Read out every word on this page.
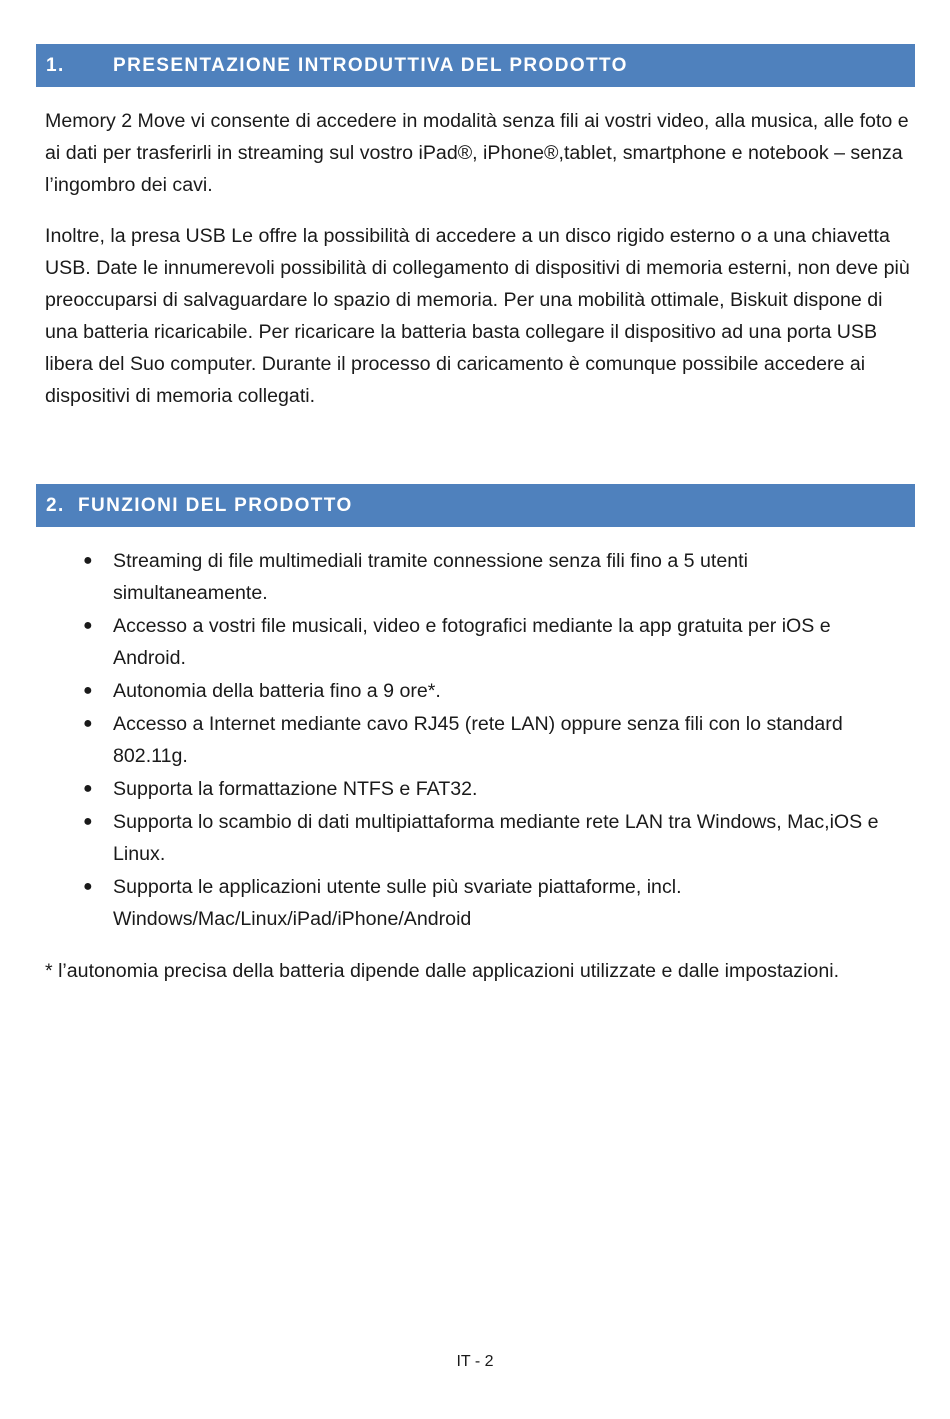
1.	PRESENTAZIONE INTRODUTTIVA DEL PRODOTTO

Memory 2 Move vi consente di accedere in modalità senza fili ai vostri video, alla musica, alle foto e ai dati per trasferirli in streaming sul vostro iPad®, iPhone®,tablet, smartphone e notebook – senza l’ingombro dei cavi.

Inoltre, la presa USB Le offre la possibilità di accedere a un disco rigido esterno o a una chiavetta USB. Date le innumerevoli possibilità di collegamento di dispositivi di memoria esterni, non deve più preoccuparsi di salvaguardare lo spazio di memoria. Per una mobilità ottimale, Biskuit dispone di una batteria ricaricabile. Per ricaricare la batteria basta collegare il dispositivo ad una porta USB libera del Suo computer. Durante il processo di caricamento è comunque possibile accedere ai dispositivi di memoria collegati.

2. FUNZIONI DEL PRODOTTO
● Streaming di file multimediali tramite connessione senza fili fino a 5 utenti simultaneamente.
● Accesso a vostri file musicali, video e fotografici mediante la app gratuita per iOS e Android.
● Autonomia della batteria fino a 9 ore*.
● Accesso a Internet mediante cavo RJ45 (rete LAN) oppure senza fili con lo standard 802.11g.
● Supporta la formattazione NTFS e FAT32.
● Supporta lo scambio di dati multipiattaforma mediante rete LAN tra Windows, Mac,iOS e Linux.
● Supporta le applicazioni utente sulle più svariate piattaforme, incl. Windows/Mac/Linux/iPad/iPhone/Android

* l’autonomia precisa della batteria dipende dalle applicazioni utilizzate e dalle impostazioni.

IT - 2
